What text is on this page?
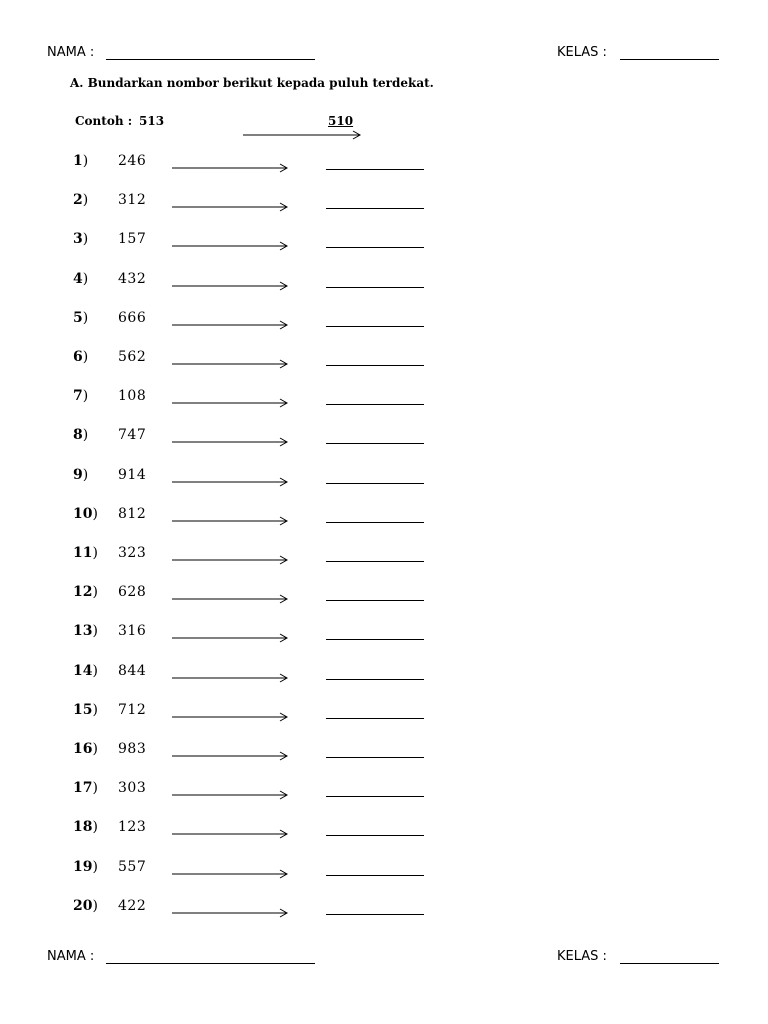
NAMA :	KELAS :
A. Bundarkan nombor berikut kepada puluh terdekat.
Contoh : 513	510
1) 246
2) 312
3) 157
4) 432
5) 666
6) 562
7) 108
8) 747
9) 914
10) 812
11) 323
12) 628
13) 316
14) 844
15) 712
16) 983
17) 303
18) 123
19) 557
20) 422
NAMA :	KELAS :
